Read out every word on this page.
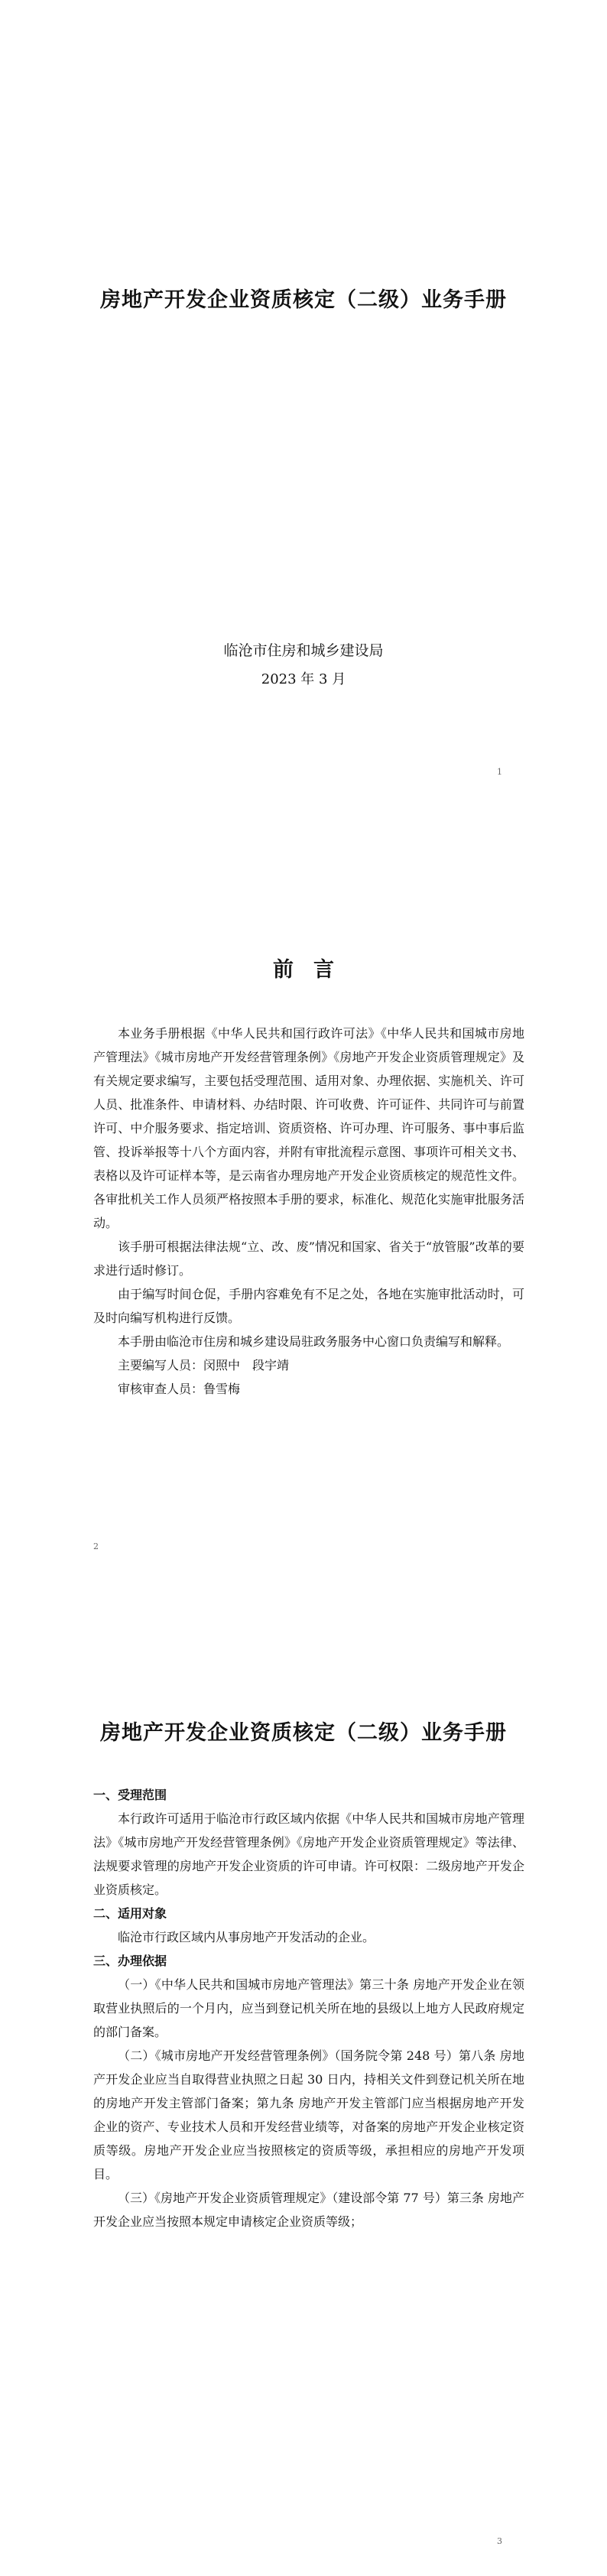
房地产开发企业资质核定（二级）业务手册
临沧市住房和城乡建设局
2023 年 3 月
1
前言

本业务手册根据《中华人民共和国行政许可法》《中华人民共和国城市房地产管理法》《城市房地产开发经营管理条例》《房地产开发企业资质管理规定》及有关规定要求编写，主要包括受理范围、适用对象、办理依据、实施机关、许可人员、批准条件、申请材料、办结时限、许可收费、许可证件、共同许可与前置许可、中介服务要求、指定培训、资质资格、许可办理、许可服务、事中事后监管、投诉举报等十八个方面内容，并附有审批流程示意图、事项许可相关文书、表格以及许可证样本等，是云南省办理房地产开发企业资质核定的规范性文件。各审批机关工作人员须严格按照本手册的要求，标准化、规范化实施审批服务活动。

该手册可根据法律法规“立、改、废”情况和国家、省关于“放管服”改革的要求进行适时修订。

由于编写时间仓促，手册内容难免有不足之处，各地在实施审批活动时，可及时向编写机构进行反馈。

本手册由临沧市住房和城乡建设局驻政务服务中心窗口负责编写和解释。

主要编写人员：闵照中　段宇靖

审核审查人员：鲁雪梅

2
房地产开发企业资质核定（二级）业务手册
一、受理范围

本行政许可适用于临沧市行政区域内依据《中华人民共和国城市房地产管理法》《城市房地产开发经营管理条例》《房地产开发企业资质管理规定》等法律、法规要求管理的房地产开发企业资质的许可申请。许可权限：二级房地产开发企业资质核定。

二、适用对象

临沧市行政区域内从事房地产开发活动的企业。

三、办理依据

（一）《中华人民共和国城市房地产管理法》第三十条 房地产开发企业在领取营业执照后的一个月内，应当到登记机关所在地的县级以上地方人民政府规定的部门备案。

（二）《城市房地产开发经营管理条例》（国务院令第 248 号）第八条 房地产开发企业应当自取得营业执照之日起 30 日内，持相关文件到登记机关所在地的房地产开发主管部门备案；第九条 房地产开发主管部门应当根据房地产开发企业的资产、专业技术人员和开发经营业绩等，对备案的房地产开发企业核定资质等级。房地产开发企业应当按照核定的资质等级，承担相应的房地产开发项目。

（三）《房地产开发企业资质管理规定》（建设部令第 77 号）第三条 房地产开发企业应当按照本规定申请核定企业资质等级；

3
